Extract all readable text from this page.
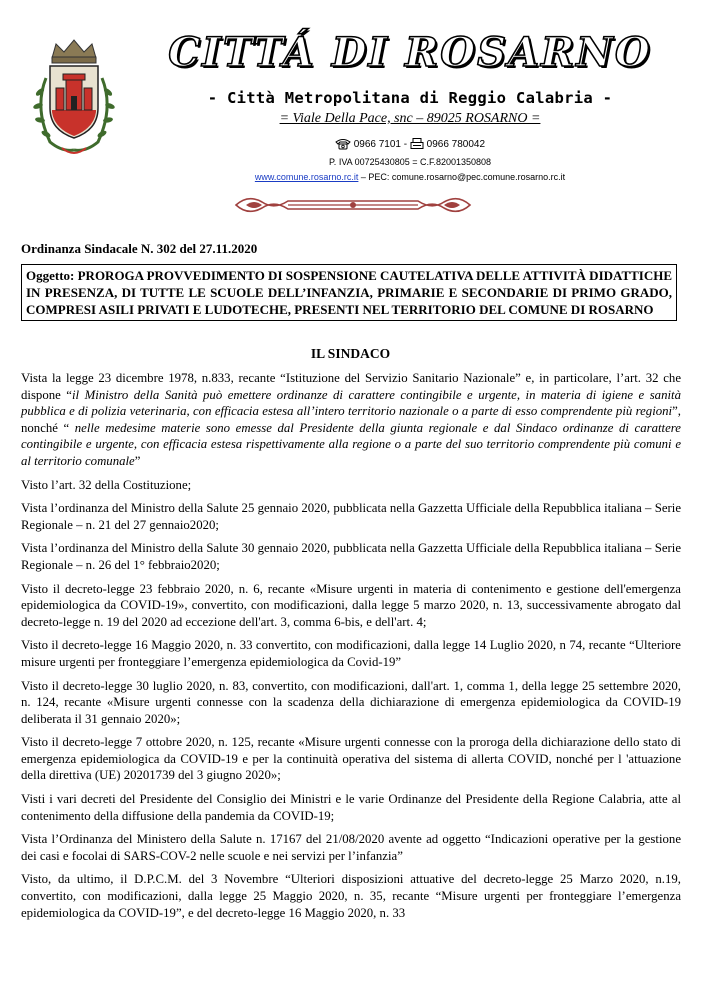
CITTÁ DI ROSARNO
- Città Metropolitana di Reggio Calabria -
= Viale Della Pace, snc – 89025 ROSARNO =
0966 7101 - 0966 780042
P. IVA 00725430805 = C.F.82001350808
www.comune.rosarno.rc.it – PEC: comune.rosarno@pec.comune.rosarno.rc.it
Ordinanza Sindacale N. 302 del 27.11.2020
Oggetto: PROROGA PROVVEDIMENTO DI SOSPENSIONE CAUTELATIVA DELLE ATTIVITÀ DIDATTICHE IN PRESENZA, DI TUTTE LE SCUOLE DELL’INFANZIA, PRIMARIE E SECONDARIE DI PRIMO GRADO, COMPRESI ASILI PRIVATI E LUDOTECHE, PRESENTI NEL TERRITORIO DEL COMUNE DI ROSARNO
IL SINDACO

Vista la legge 23 dicembre 1978, n.833, recante “Istituzione del Servizio Sanitario Nazionale” e, in particolare, l’art. 32 che dispone “il Ministro della Sanità può emettere ordinanze di carattere contingibile e urgente, in materia di igiene e sanità pubblica e di polizia veterinaria, con efficacia estesa all’intero territorio nazionale o a parte di esso comprendente più regioni”, nonché “ nelle medesime materie sono emesse dal Presidente della giunta regionale e dal Sindaco ordinanze di carattere contingibile e urgente, con efficacia estesa rispettivamente alla regione o a parte del suo territorio comprendente più comuni e al territorio comunale”

Visto l’art. 32 della Costituzione;

Vista l’ordinanza del Ministro della Salute 25 gennaio 2020, pubblicata nella Gazzetta Ufficiale della Repubblica italiana – Serie Regionale – n. 21 del 27 gennaio2020;

Vista l’ordinanza del Ministro della Salute 30 gennaio 2020, pubblicata nella Gazzetta Ufficiale della Repubblica italiana – Serie Regionale – n. 26 del 1° febbraio2020;

Visto il decreto-legge 23 febbraio 2020, n. 6, recante «Misure urgenti in materia di contenimento e gestione dell'emergenza epidemiologica da COVID-19», convertito, con modificazioni, dalla legge 5 marzo 2020, n. 13, successivamente abrogato dal decreto-legge n. 19 del 2020 ad eccezione dell'art. 3, comma 6-bis, e dell'art. 4;

Visto il decreto-legge 16 Maggio 2020, n. 33 convertito, con modificazioni, dalla legge 14 Luglio 2020, n 74, recante “Ulteriore misure urgenti per fronteggiare l’emergenza epidemiologica da Covid-19”

Visto il decreto-legge 30 luglio 2020, n. 83, convertito, con modificazioni, dall'art. 1, comma 1, della legge 25 settembre 2020, n. 124, recante «Misure urgenti connesse con la scadenza della dichiarazione di emergenza epidemiologica da COVID-19 deliberata il 31 gennaio 2020»;

Visto il decreto-legge 7 ottobre 2020, n. 125, recante «Misure urgenti connesse con la proroga della dichiarazione dello stato di emergenza epidemiologica da COVID-19 e per la continuità operativa del sistema di allerta COVID, nonché per l 'attuazione della direttiva (UE) 20201739 del 3 giugno 2020»;

Visti i vari decreti del Presidente del Consiglio dei Ministri e le varie Ordinanze del Presidente della Regione Calabria, atte al contenimento della diffusione della pandemia da COVID-19;

Vista l’Ordinanza del Ministero della Salute n. 17167 del 21/08/2020 avente ad oggetto “Indicazioni operative per la gestione dei casi e focolai di SARS-COV-2 nelle scuole e nei servizi per l’infanzia”

Visto, da ultimo, il D.P.C.M. del 3 Novembre “Ulteriori disposizioni attuative del decreto-legge 25 Marzo 2020, n.19, convertito, con modificazioni, dalla legge 25 Maggio 2020, n. 35, recante “Misure urgenti per fronteggiare l’emergenza epidemiologica da COVID-19”, e del decreto-legge 16 Maggio 2020, n. 33
